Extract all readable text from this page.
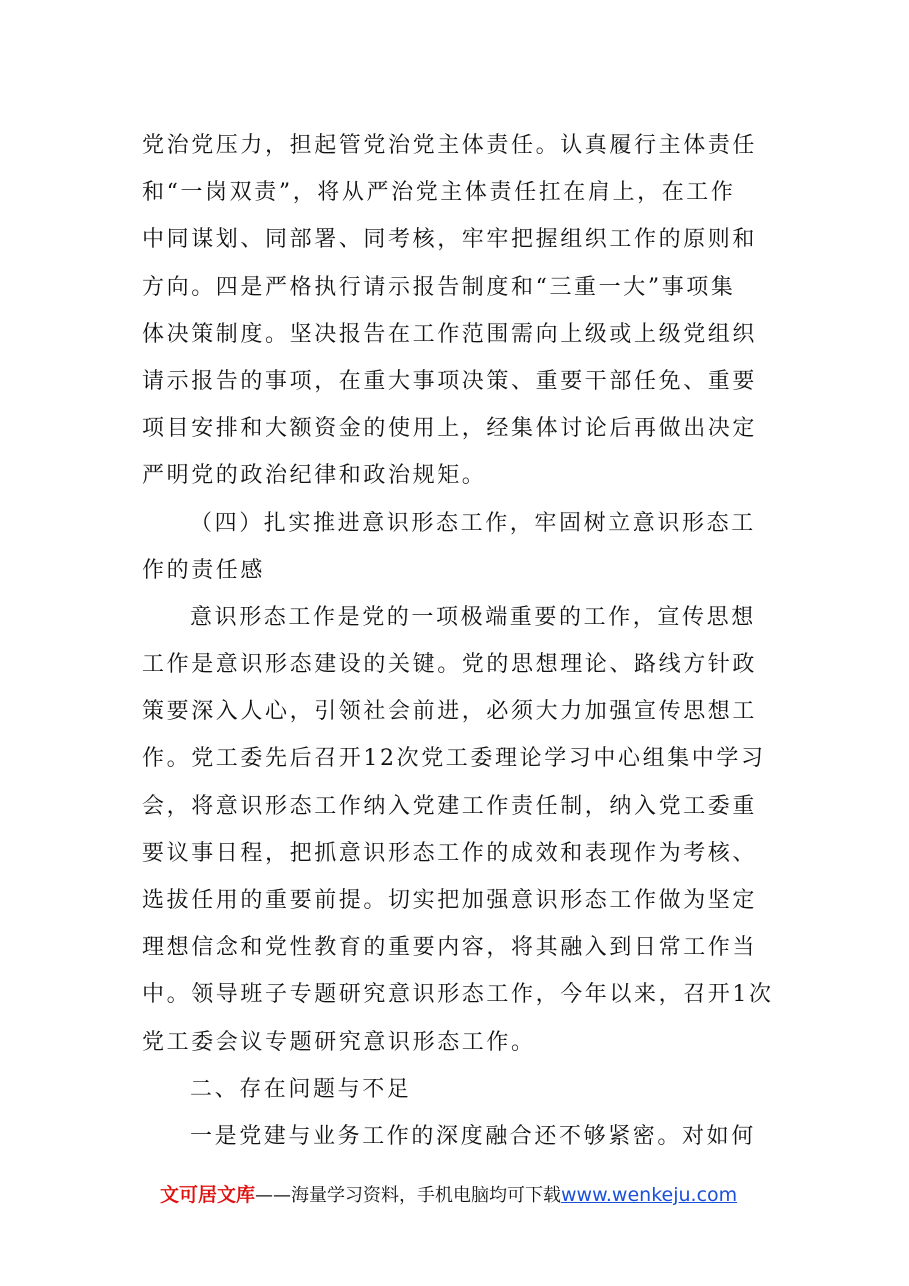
党治党压力，担起管党治党主体责任。认真履行主体责任
和“一岗双责”，将从严治党主体责任扛在肩上，在工作
中同谋划、同部署、同考核，牢牢把握组织工作的原则和
方向。四是严格执行请示报告制度和“三重一大”事项集
体决策制度。坚决报告在工作范围需向上级或上级党组织
请示报告的事项，在重大事项决策、重要干部任免、重要
项目安排和大额资金的使用上，经集体讨论后再做出决定
严明党的政治纪律和政治规矩。
（四）扎实推进意识形态工作，牢固树立意识形态工
作的责任感
意识形态工作是党的一项极端重要的工作，宣传思想
工作是意识形态建设的关键。党的思想理论、路线方针政
策要深入人心，引领社会前进，必须大力加强宣传思想工
作。党工委先后召开12次党工委理论学习中心组集中学习
会，将意识形态工作纳入党建工作责任制，纳入党工委重
要议事日程，把抓意识形态工作的成效和表现作为考核、
选拔任用的重要前提。切实把加强意识形态工作做为坚定
理想信念和党性教育的重要内容，将其融入到日常工作当
中。领导班子专题研究意识形态工作，今年以来，召开1次
党工委会议专题研究意识形态工作。
二、存在问题与不足
一是党建与业务工作的深度融合还不够紧密。对如何
文可居文库——海量学习资料，手机电脑均可下载www.wenkeju.com
